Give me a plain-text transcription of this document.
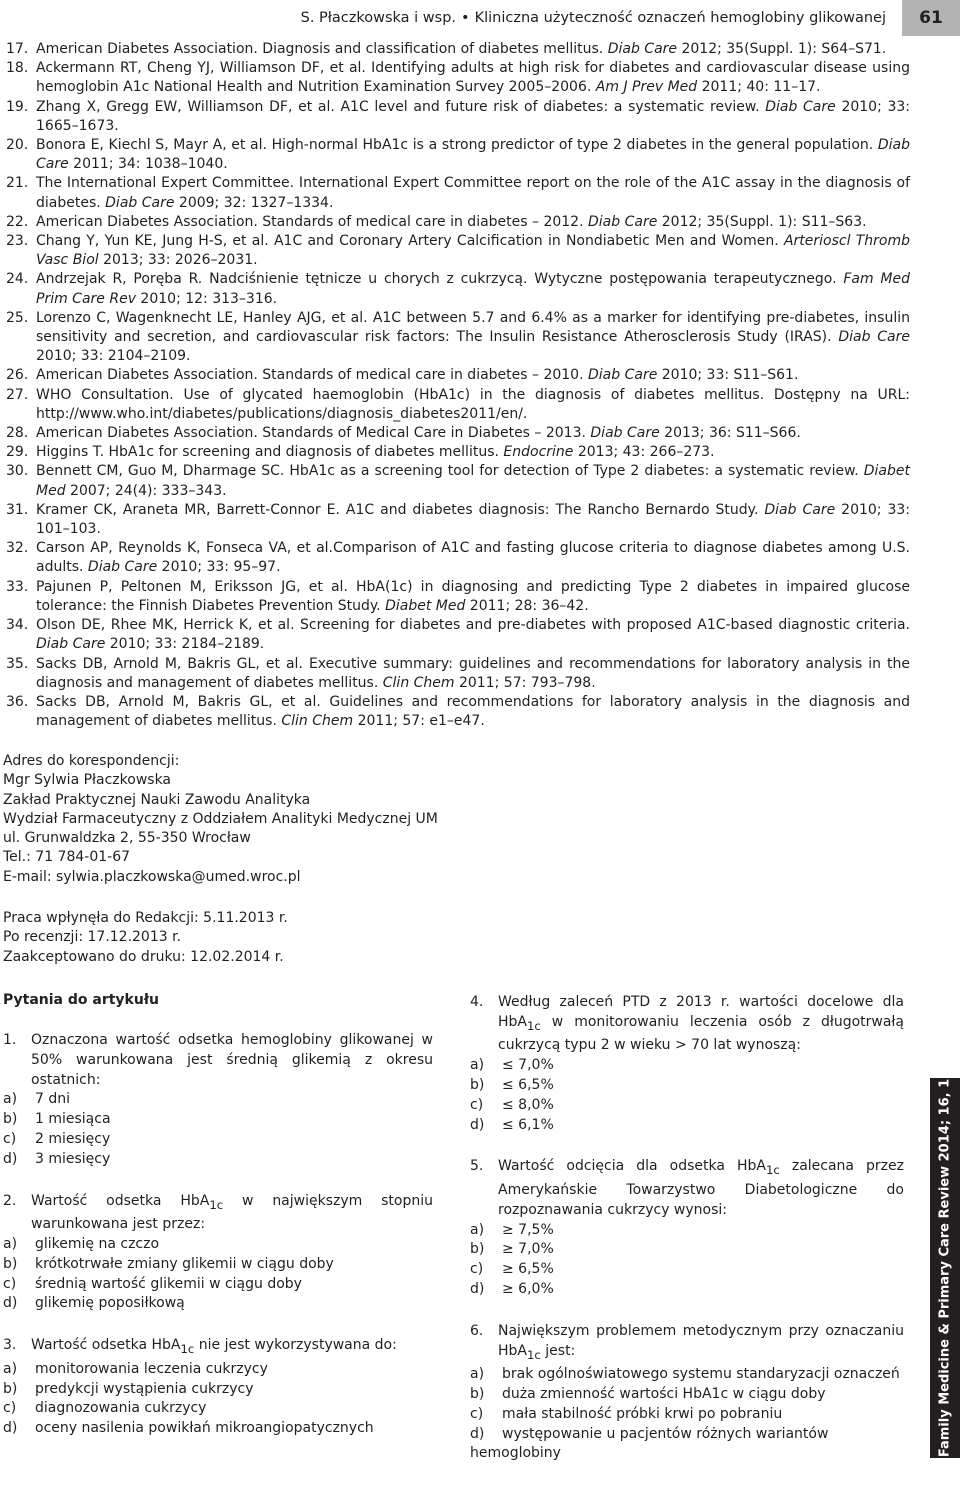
S. Płaczkowska i wsp. • Kliniczna użyteczność oznaczeń hemoglobiny glikowanej	61
17. American Diabetes Association. Diagnosis and classification of diabetes mellitus. Diab Care 2012; 35(Suppl. 1): S64–S71.
18. Ackermann RT, Cheng YJ, Williamson DF, et al. Identifying adults at high risk for diabetes and cardiovascular disease using hemoglobin A1c National Health and Nutrition Examination Survey 2005–2006. Am J Prev Med 2011; 40: 11–17.
19. Zhang X, Gregg EW, Williamson DF, et al. A1C level and future risk of diabetes: a systematic review. Diab Care 2010; 33: 1665–1673.
20. Bonora E, Kiechl S, Mayr A, et al. High-normal HbA1c is a strong predictor of type 2 diabetes in the general population. Diab Care 2011; 34: 1038–1040.
21. The International Expert Committee. International Expert Committee report on the role of the A1C assay in the diagnosis of diabetes. Diab Care 2009; 32: 1327–1334.
22. American Diabetes Association. Standards of medical care in diabetes – 2012. Diab Care 2012; 35(Suppl. 1): S11–S63.
23. Chang Y, Yun KE, Jung H-S, et al. A1C and Coronary Artery Calcification in Nondiabetic Men and Women. Arterioscl Thromb Vasc Biol 2013; 33: 2026–2031.
24. Andrzejak R, Poręba R. Nadciśnienie tętnicze u chorych z cukrzycą. Wytyczne postępowania terapeutycznego. Fam Med Prim Care Rev 2010; 12: 313–316.
25. Lorenzo C, Wagenknecht LE, Hanley AJG, et al. A1C between 5.7 and 6.4% as a marker for identifying pre-diabetes, insulin sensitivity and secretion, and cardiovascular risk factors: The Insulin Resistance Atherosclerosis Study (IRAS). Diab Care 2010; 33: 2104–2109.
26. American Diabetes Association. Standards of medical care in diabetes – 2010. Diab Care 2010; 33: S11–S61.
27. WHO Consultation. Use of glycated haemoglobin (HbA1c) in the diagnosis of diabetes mellitus. Dostępny na URL: http://www.who.int/diabetes/publications/diagnosis_diabetes2011/en/.
28. American Diabetes Association. Standards of Medical Care in Diabetes – 2013. Diab Care 2013; 36: S11–S66.
29. Higgins T. HbA1c for screening and diagnosis of diabetes mellitus. Endocrine 2013; 43: 266–273.
30. Bennett CM, Guo M, Dharmage SC. HbA1c as a screening tool for detection of Type 2 diabetes: a systematic review. Diabet Med 2007; 24(4): 333–343.
31. Kramer CK, Araneta MR, Barrett-Connor E. A1C and diabetes diagnosis: The Rancho Bernardo Study. Diab Care 2010; 33: 101–103.
32. Carson AP, Reynolds K, Fonseca VA, et al.Comparison of A1C and fasting glucose criteria to diagnose diabetes among U.S. adults. Diab Care 2010; 33: 95–97.
33. Pajunen P, Peltonen M, Eriksson JG, et al. HbA(1c) in diagnosing and predicting Type 2 diabetes in impaired glucose tolerance: the Finnish Diabetes Prevention Study. Diabet Med 2011; 28: 36–42.
34. Olson DE, Rhee MK, Herrick K, et al. Screening for diabetes and pre-diabetes with proposed A1C-based diagnostic criteria. Diab Care 2010; 33: 2184–2189.
35. Sacks DB, Arnold M, Bakris GL, et al. Executive summary: guidelines and recommendations for laboratory analysis in the diagnosis and management of diabetes mellitus. Clin Chem 2011; 57: 793–798.
36. Sacks DB, Arnold M, Bakris GL, et al. Guidelines and recommendations for laboratory analysis in the diagnosis and management of diabetes mellitus. Clin Chem 2011; 57: e1–e47.
Adres do korespondencji:
Mgr Sylwia Płaczkowska
Zakład Praktycznej Nauki Zawodu Analityka
Wydział Farmaceutyczny z Oddziałem Analityki Medycznej UM
ul. Grunwaldzka 2, 55-350 Wrocław
Tel.: 71 784-01-67
E-mail: sylwia.placzkowska@umed.wroc.pl
Praca wpłynęła do Redakcji: 5.11.2013 r.
Po recenzji: 17.12.2013 r.
Zaakceptowano do druku: 12.02.2014 r.
Pytania do artykułu
1. Oznaczona wartość odsetka hemoglobiny glikowanej w 50% warunkowana jest średnią glikemią z okresu ostatnich:
a) 7 dni
b) 1 miesiąca
c) 2 miesięcy
d) 3 miesięcy
2. Wartość odsetka HbA$_{1c}$ w największym stopniu warunkowana jest przez:
a) glikemię na czczo
b) krótkotrwałe zmiany glikemii w ciągu doby
c) średnią wartość glikemii w ciągu doby
d) glikemię poposiłkową
3. Wartość odsetka HbA$_{1c}$ nie jest wykorzystywana do:
a) monitorowania leczenia cukrzycy
b) predykcji wystąpienia cukrzycy
c) diagnozowania cukrzycy
d) oceny nasilenia powikłań mikroangiopatycznych
4. Według zaleceń PTD z 2013 r. wartości docelowe dla HbA$_{1c}$ w monitorowaniu leczenia osób z długotrwałą cukrzycą typu 2 w wieku > 70 lat wynoszą:
a) ≤ 7,0%
b) ≤ 6,5%
c) ≤ 8,0%
d) ≤ 6,1%
5. Wartość odcięcia dla odsetka HbA$_{1c}$ zalecana przez Amerykańskie Towarzystwo Diabetologiczne do rozpoznawania cukrzycy wynosi:
a) ≥ 7,5%
b) ≥ 7,0%
c) ≥ 6,5%
d) ≥ 6,0%
6. Największym problemem metodycznym przy oznaczaniu HbA$_{1c}$ jest:
a) brak ogólnoświatowego systemu standaryzacji oznaczeń
b) duża zmienność wartości HbA1c w ciągu doby
c) mała stabilność próbki krwi po pobraniu
d) występowanie u pacjentów różnych wariantów hemoglobiny	Family Medicine & Primary Care Review 2014; 16, 1
